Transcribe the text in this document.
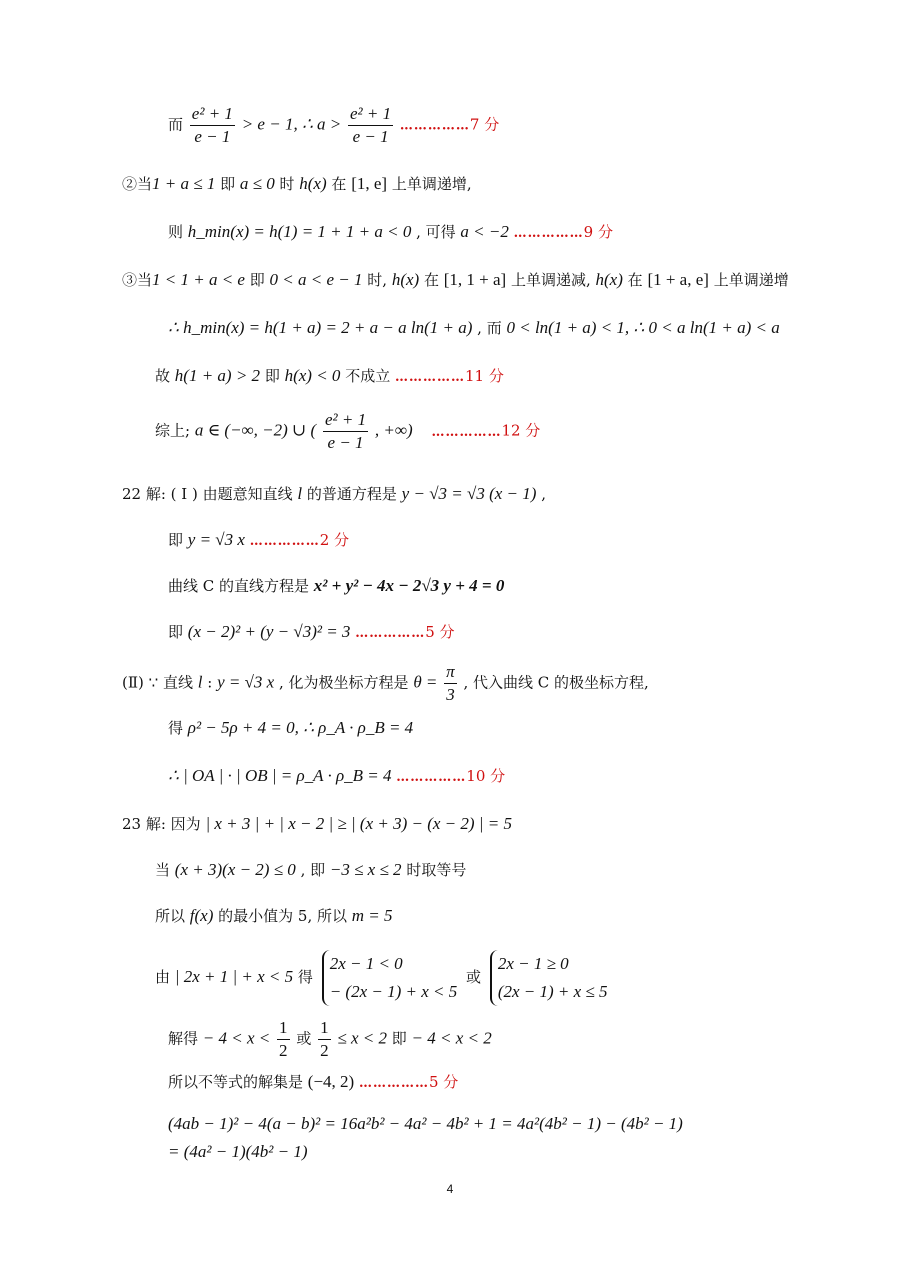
而 $\frac{\text{e² + 1}}{e - 1} > e - 1$, ∴ $a > \frac{\text{e² + 1}}{e - 1}$ ……………7 分
②当1 + a ≤ 1 即 a ≤ 0 时 h(x) 在 [1, e] 上单调递增,
则 h_min(x) = h(1) = 1 + 1 + a < 0 , 可得 a < −2 ……………9 分
③当1 < 1 + a < e 即 0 < a < e − 1 时, h(x) 在 [1, 1 + a] 上单调递减, h(x) 在 [1 + a, e] 上单调递增
∴ h_min(x) = h(1 + a) = 2 + a − a ln(1 + a) , 而 0 < ln(1 + a) < 1, ∴ 0 < a ln(1 + a) < a
故 h(1 + a) > 2 即 h(x) < 0 不成立 ……………11 分
综上; a ∈ (−∞, −2) ∪ ( $\frac{\text{e² + 1}}{e - 1}$ , +∞) ……………12 分
22 解: ( Ⅰ ) 由题意知直线 l 的普通方程是 y − √3 = √3 (x − 1) ,
即 y = √3 x ……………2 分
曲线 C 的直线方程是 x² + y² − 4x − 2√3 y + 4 = 0
即 (x − 2)² + (y − √3)² = 3 ……………5 分
(Ⅱ) ∵ 直线 l : y = √3 x , 化为极坐标方程是 $\theta = \frac{\pi}{3}$ , 代入曲线 C 的极坐标方程,
得 ρ² − 5ρ + 4 = 0, ∴ ρ_A · ρ_B = 4
∴ | OA | · | OB | = ρ_A · ρ_B = 4 ……………10 分
23 解: 因为 | x + 3 | + | x − 2 | ≥ | (x + 3) − (x − 2) | = 5
当 (x + 3)(x − 2) ≤ 0 , 即 −3 ≤ x ≤ 2 时取等号
所以 f(x) 的最小值为 5, 所以 m = 5
由 | 2x + 1 | + x < 5 得
2x − 1 < 0
− (2x − 1) + x < 5
或
2x − 1 ≥ 0
(2x − 1) + x ≤ 5
解得 − $4 < x < \frac{1}{2}$ 或 $\frac{1}{2} \le x < 2$ 即 − 4 < x < 2
所以不等式的解集是 (−4, 2) ……………5 分
(4ab − 1)² − 4(a − b)² = 16a²b² − 4a² − 4b² + 1 = 4a²(4b² − 1) − (4b² − 1)
= (4a² − 1)(4b² − 1)
4
